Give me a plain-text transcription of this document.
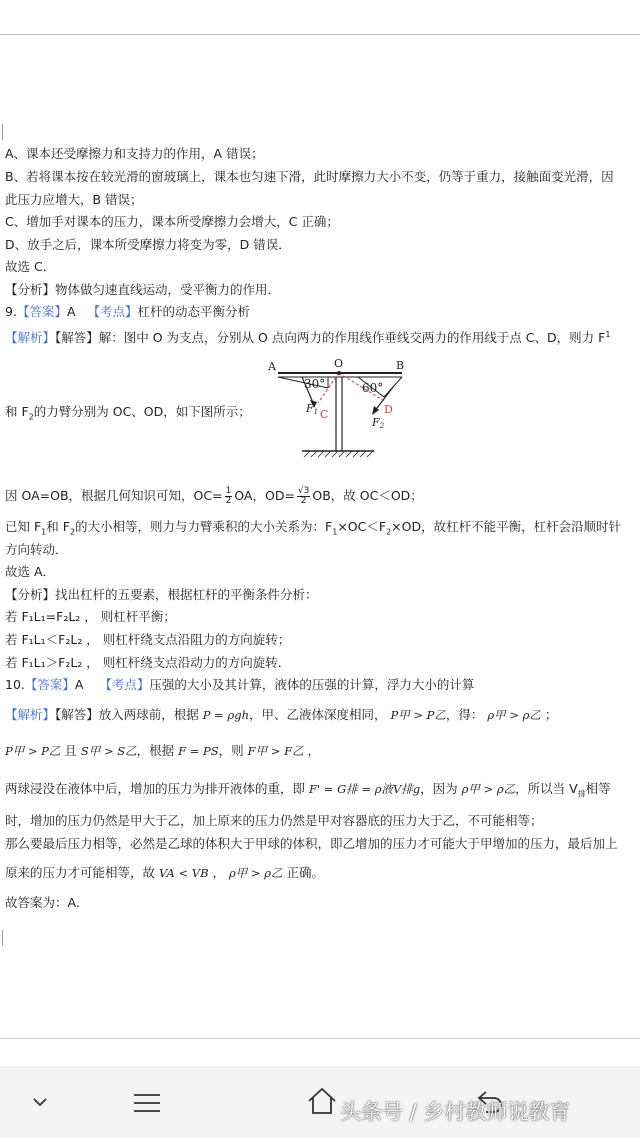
A、课本还受摩擦力和支持力的作用，A 错误；
B、若将课本按在较光滑的窗玻璃上，课本也匀速下滑，此时摩擦力大小不变，仍等于重力，接触面变光滑，因
此压力应增大，B 错误；
C、增加手对课本的压力，课本所受摩擦力会增大，C 正确；
D、放手之后，课本所受摩擦力将变为零，D 错误．
故选 C．
【分析】物体做匀速直线运动，受平衡力的作用．
9.【答案】A 【考点】杠杆的动态平衡分析
【解析】【解答】解：图中 O 为支点，分别从 O 点向两力的作用线作垂线交两力的作用线于点 C、D，则力 $F^1$
A	O	B
30°	60°
F1 C	D
F2
和 $F_2$的力臂分别为 OC、OD，如下图所示；
因 OA=OB，根据几何知识可知，$OC= \frac{1}{2}$ OA，$OD= \frac{√3}{2}$ OB，故 OC＜OD；
已知 $F_1$和 $F_2$的大小相等，则力与力臂乘积的大小关系为：$F_1\times OC<F_2\times OD$，故杠杆不能平衡，杠杆会沿顺时针
方向转动．
故选 A．
【分析】找出杠杆的五要素，根据杠杆的平衡条件分析：
若 F₁L₁=F₂L₂ ， 则杠杆平衡；
若 F₁L₁＜F₂L₂ ， 则杠杆绕支点沿阻力的方向旋转；
若 F₁L₁＞F₂L₂ ， 则杠杆绕支点沿动力的方向旋转．
10.【答案】A 【考点】压强的大小及其计算，液体的压强的计算，浮力大小的计算
【解析】【解答】放入两球前，根据 P = ρgh，甲、乙液体深度相同， P甲 > P乙，得： ρ甲 > ρ乙 ；
P甲 > P乙 且 S甲 > S乙，根据 F = PS，则 F甲 > F乙 ，
两球浸没在液体中后，增加的压力为排开液体的重，即 F' = G排 = ρ液V排g，因为 ρ甲 > ρ乙，所以当 $V_排$相等
时，增加的压力仍然是甲大于乙，加上原来的压力仍然是甲对容器底的压力大于乙，不可能相等；
那么要最后压力相等，必然是乙球的体积大于甲球的体积，即乙增加的压力才可能大于甲增加的压力，最后加上
原来的压力才可能相等，故 VA < VB ， ρ甲 > ρ乙 正确。
故答案为：A.
头条号 / 乡村教师说教育
